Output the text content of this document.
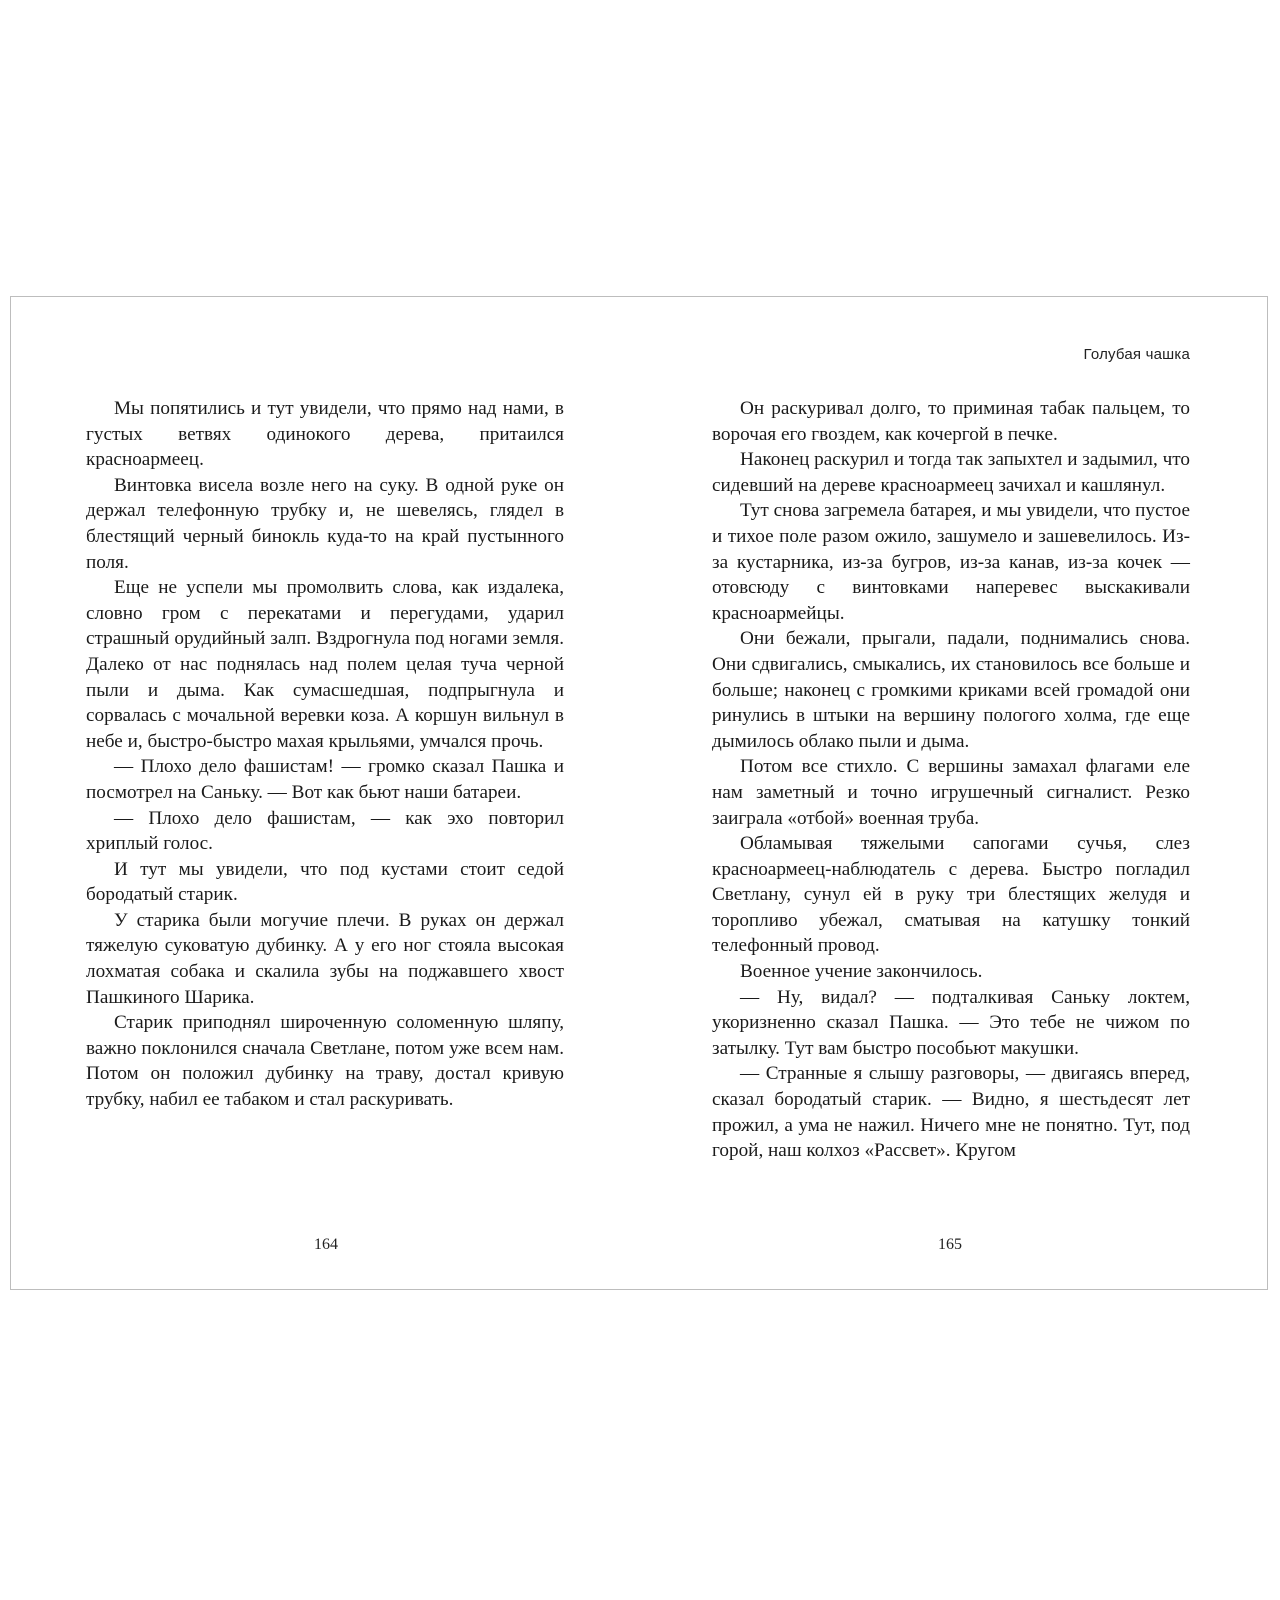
Голубая чашка

Мы попятились и тут увидели, что прямо над нами, в густых ветвях одинокого дерева, притаился красноармеец.

Винтовка висела возле него на суку. В одной руке он держал телефонную трубку и, не шевелясь, глядел в блестящий черный бинокль куда-то на край пустынного поля.

Еще не успели мы промолвить слова, как издалека, словно гром с перекатами и перегудами, ударил страшный орудийный залп. Вздрогнула под ногами земля. Далеко от нас поднялась над полем целая туча черной пыли и дыма. Как сумасшедшая, подпрыгнула и сорвалась с мочальной веревки коза. А коршун вильнул в небе и, быстро-быстро махая крыльями, умчался прочь.

— Плохо дело фашистам! — громко сказал Пашка и посмотрел на Саньку. — Вот как бьют наши батареи.

— Плохо дело фашистам, — как эхо повторил хриплый голос.

И тут мы увидели, что под кустами стоит седой бородатый старик.

У старика были могучие плечи. В руках он держал тяжелую суковатую дубинку. А у его ног стояла высокая лохматая собака и скалила зубы на поджавшего хвост Пашкиного Шарика.

Старик приподнял широченную соломенную шляпу, важно поклонился сначала Светлане, потом уже всем нам. Потом он положил дубинку на траву, достал кривую трубку, набил ее табаком и стал раскуривать.

Он раскуривал долго, то приминая табак пальцем, то ворочая его гвоздем, как кочергой в печке.

Наконец раскурил и тогда так запыхтел и задымил, что сидевший на дереве красноармеец зачихал и кашлянул.

Тут снова загремела батарея, и мы увидели, что пустое и тихое поле разом ожило, зашумело и зашевелилось. Из-за кустарника, из-за бугров, из-за канав, из-за кочек — отовсюду с винтовками наперевес выскакивали красноармейцы.

Они бежали, прыгали, падали, поднимались снова. Они сдвигались, смыкались, их становилось все больше и больше; наконец с громкими криками всей громадой они ринулись в штыки на вершину пологого холма, где еще дымилось облако пыли и дыма.

Потом все стихло. С вершины замахал флагами еле нам заметный и точно игрушечный сигналист. Резко заиграла «отбой» военная труба.

Обламывая тяжелыми сапогами сучья, слез красноармеец-наблюдатель с дерева. Быстро погладил Светлану, сунул ей в руку три блестящих желудя и торопливо убежал, сматывая на катушку тонкий телефонный провод.

Военное учение закончилось.

— Ну, видал? — подталкивая Саньку локтем, укоризненно сказал Пашка. — Это тебе не чижом по затылку. Тут вам быстро пособьют макушки.

— Странные я слышу разговоры, — двигаясь вперед, сказал бородатый старик. — Видно, я шестьдесят лет прожил, а ума не нажил. Ничего мне не понятно. Тут, под горой, наш колхоз «Рассвет». Кругом

164	165
